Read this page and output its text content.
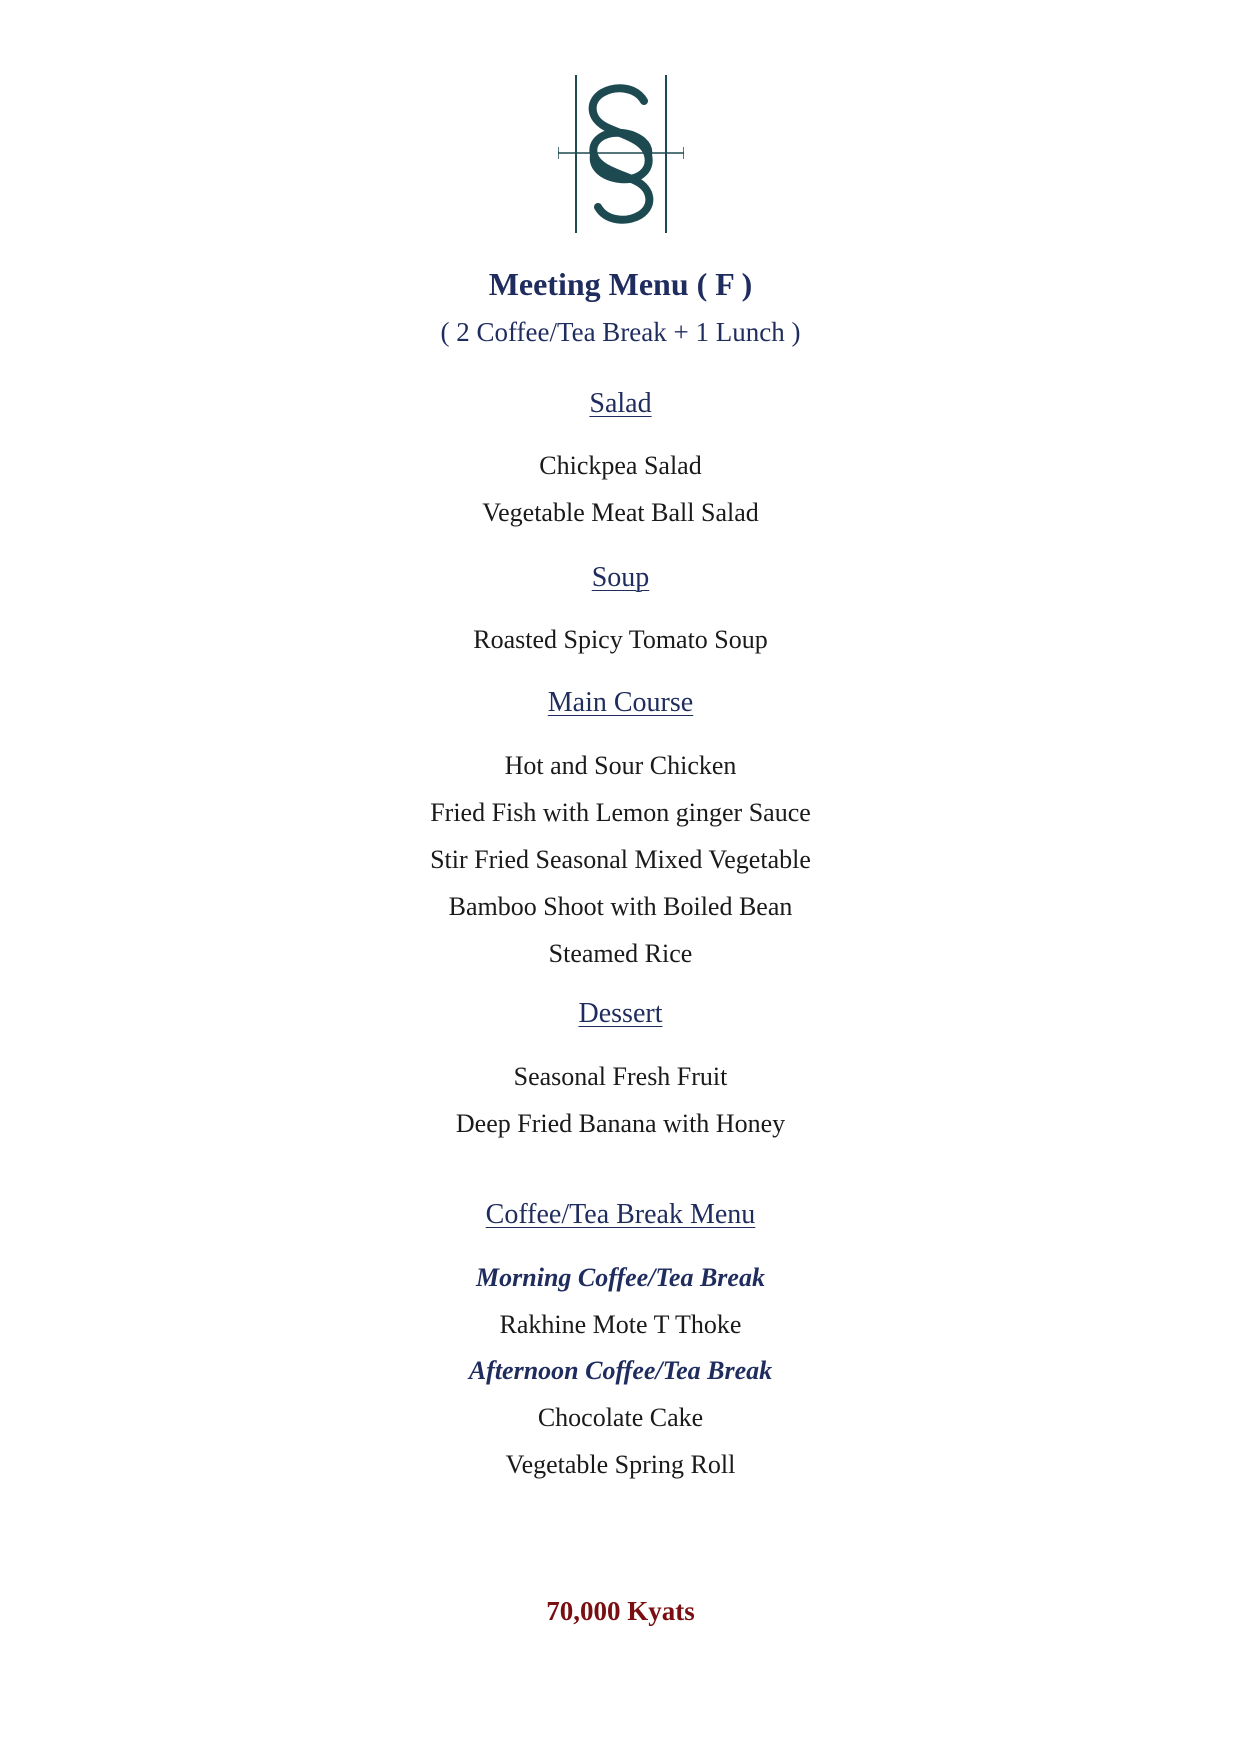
Meeting Menu ( F )
( 2 Coffee/Tea Break + 1 Lunch )
Salad
Chickpea Salad
Vegetable Meat Ball Salad
Soup
Roasted Spicy Tomato Soup
Main Course
Hot and Sour Chicken
Fried Fish with Lemon ginger Sauce
Stir Fried Seasonal Mixed Vegetable
Bamboo Shoot with Boiled Bean
Steamed Rice
Dessert
Seasonal Fresh Fruit
Deep Fried Banana with Honey
Coffee/Tea Break Menu
Morning Coffee/Tea Break
Rakhine Mote T Thoke
Afternoon Coffee/Tea Break
Chocolate Cake
Vegetable Spring Roll
70,000 Kyats
